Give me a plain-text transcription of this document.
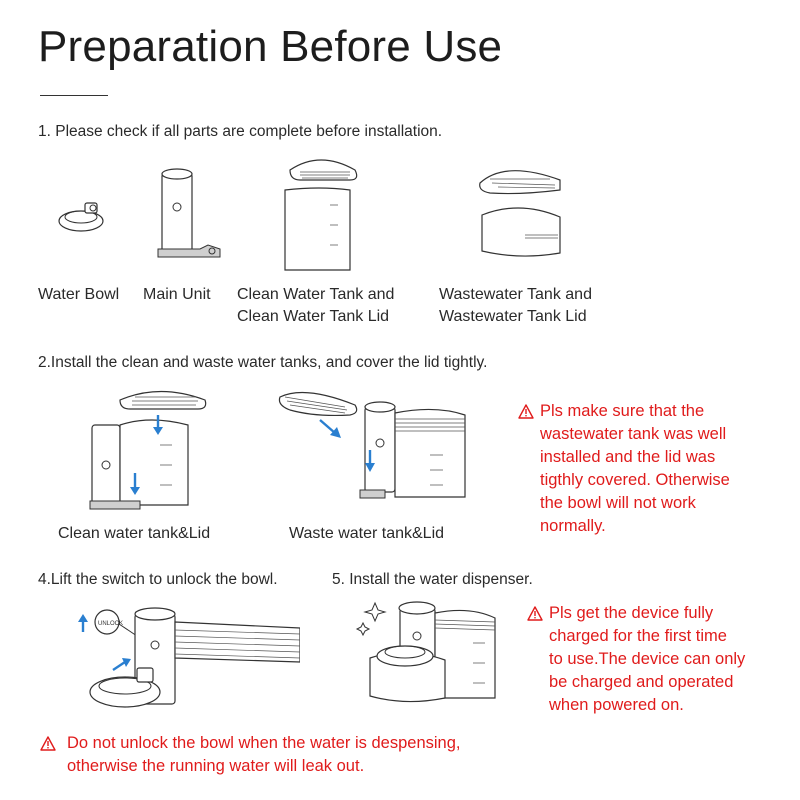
Preparation Before Use
1. Please check if all parts are complete before installation.
Water Bowl Main Unit Clean Water Tank and
Clean Water Tank Lid
Wastewater Tank and
Wastewater Tank Lid
2.Install the clean and waste water tanks, and cover the lid tightly.
Clean water tank&Lid	Waste water tank&Lid
Pls make sure that the
wastewater tank was well
installed and the lid was
tigthly covered. Otherwise
the bowl will not work
normally.
4.Lift the switch to unlock the bowl.	5. Install the water dispenser.
UNLOCK
Pls get the device fully
charged for the first time
to use.The device can only
be charged and operated
when powered on.
Do not unlock the bowl when the water is despensing,
otherwise the running water will leak out.
